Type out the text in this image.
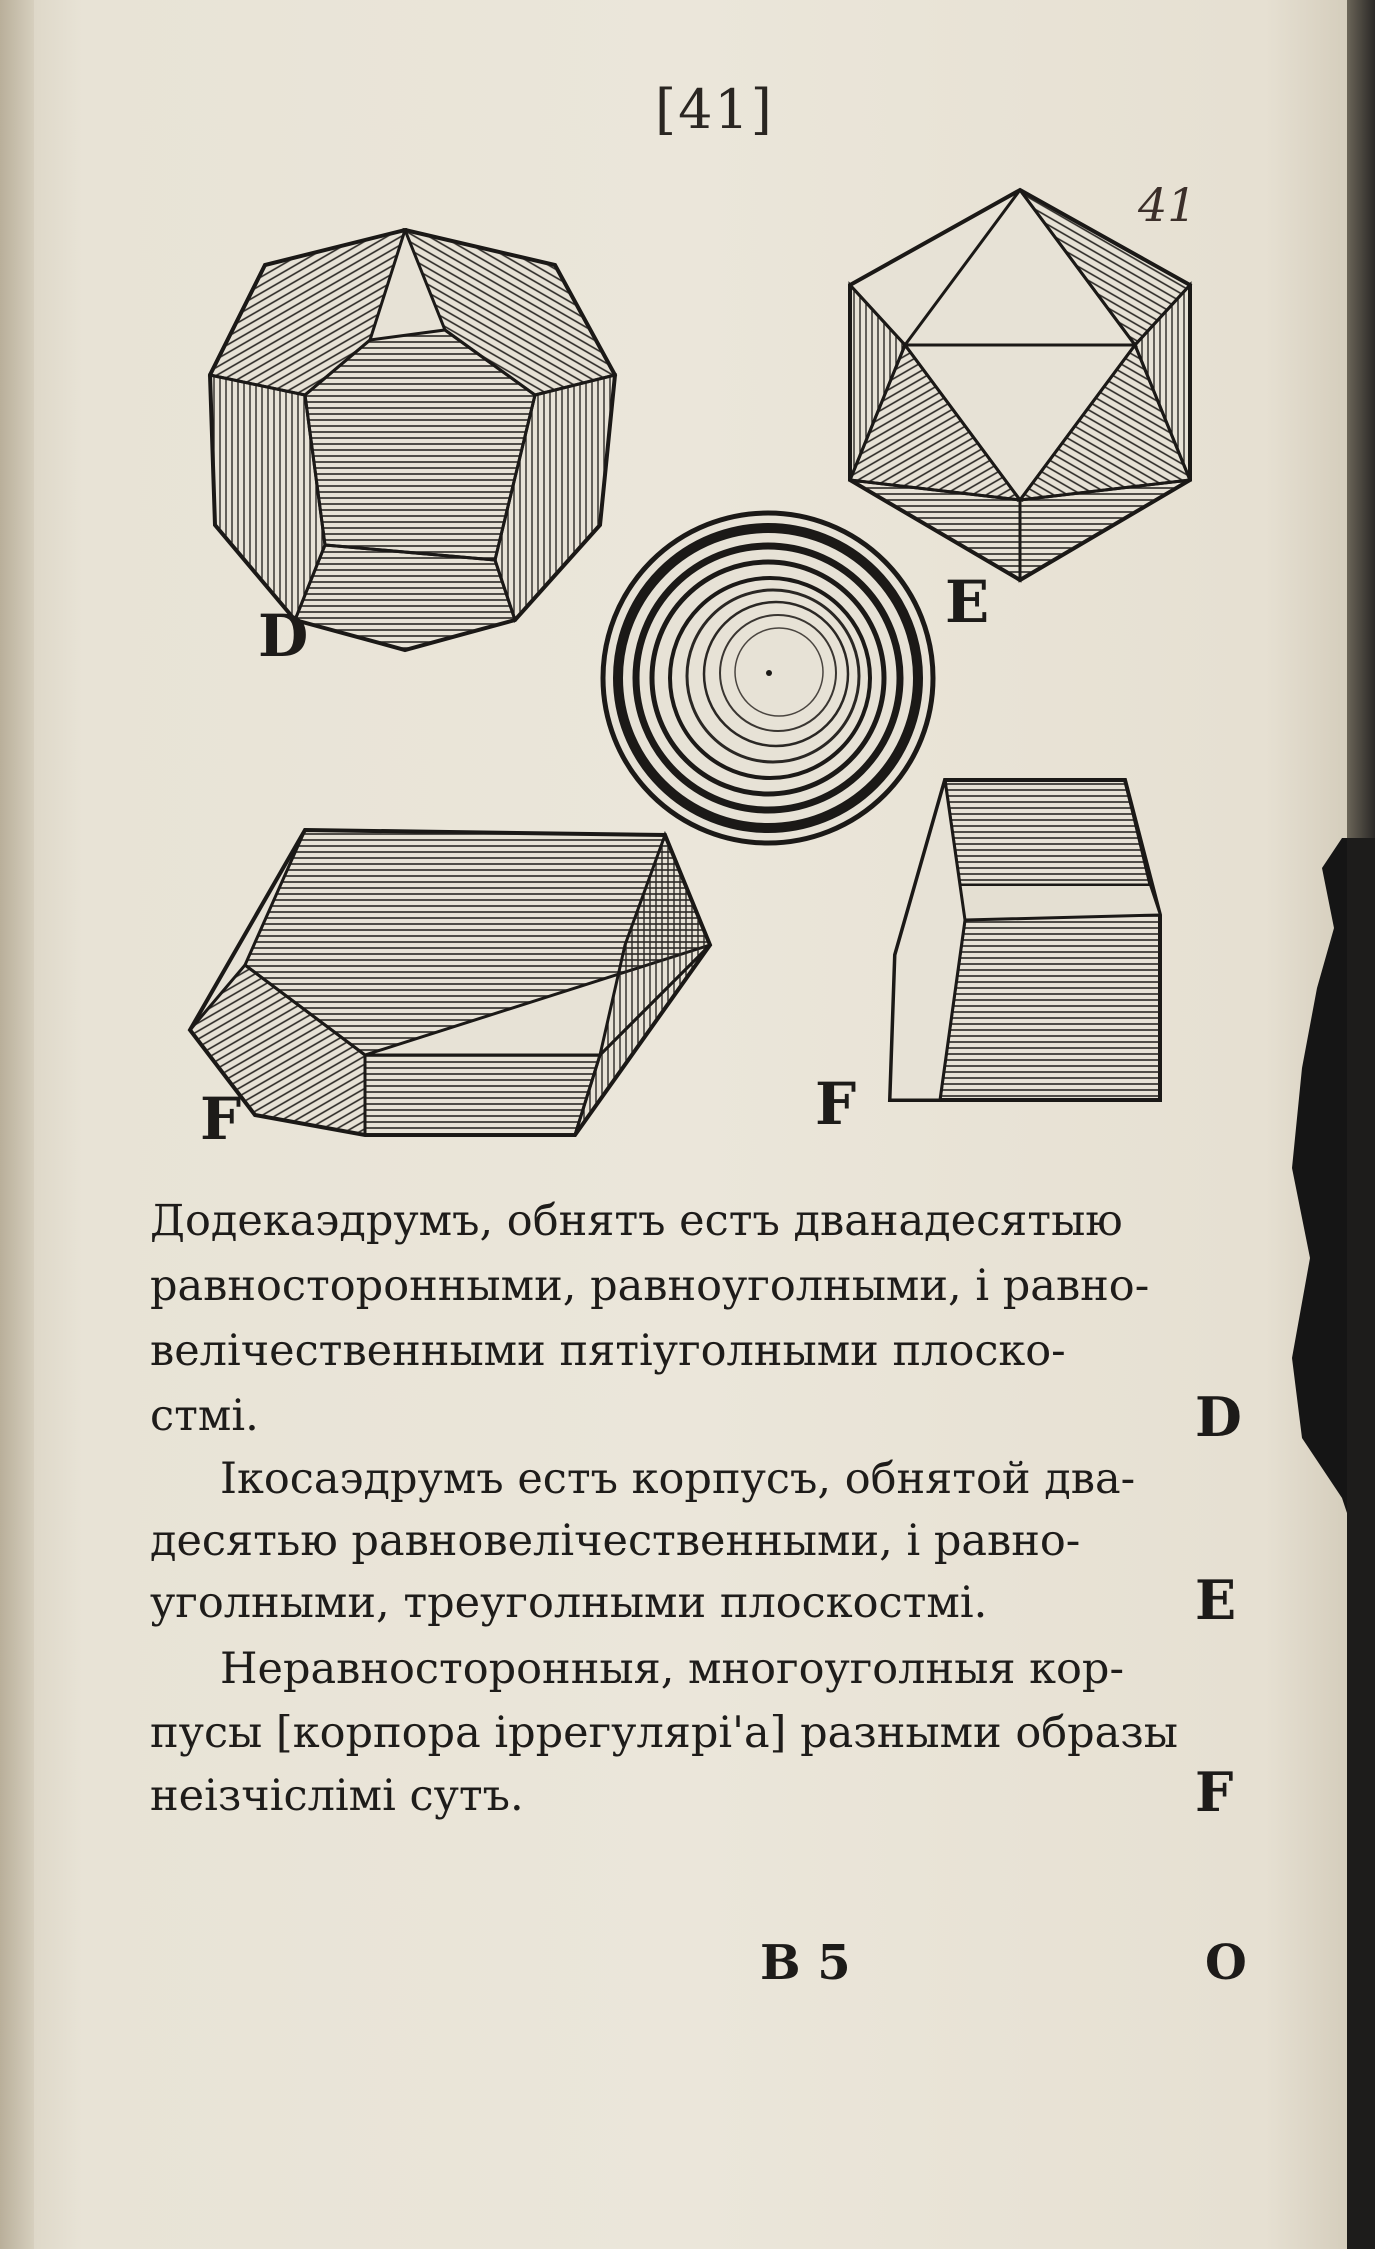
[41]
41
D	E
F	F
Додекаэдрумъ, обнятъ естъ дванадесятыю
равносторонными, равноуголными, і равно-
велічественными пятіуголными плоско-
стмі.
Ікосаэдрумъ естъ корпусъ, обнятой два-
десятью равновелічественными, і равно-
уголными, треуголными плоскостмі.
Неравносторонныя, многоуголныя кор-
пусы [корпора іррегулярі'а] разными образы
неізчіслімі сутъ.
D
E
F
B 5	O
